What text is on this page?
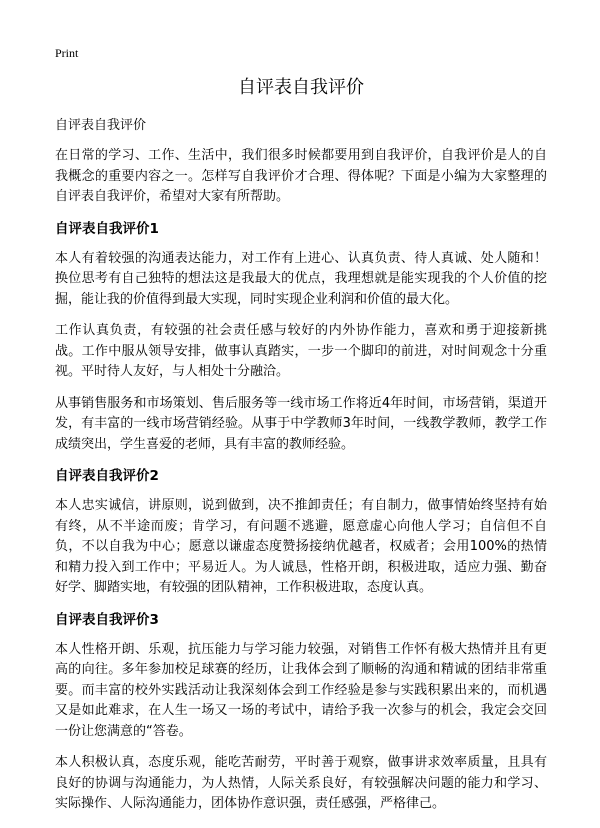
Print
自评表自我评价
自评表自我评价

在日常的学习、工作、生活中，我们很多时候都要用到自我评价，自我评价是人的自我概念的重要内容之一。怎样写自我评价才合理、得体呢？下面是小编为大家整理的自评表自我评价，希望对大家有所帮助。

自评表自我评价1

本人有着较强的沟通表达能力，对工作有上进心、认真负责、待人真诚、处人随和！换位思考有自己独特的想法这是我最大的优点，我理想就是能实现我的个人价值的挖掘，能让我的价值得到最大实现，同时实现企业利润和价值的最大化。

工作认真负责，有较强的社会责任感与较好的内外协作能力，喜欢和勇于迎接新挑战。工作中服从领导安排，做事认真踏实，一步一个脚印的前进，对时间观念十分重视。平时待人友好，与人相处十分融洽。

从事销售服务和市场策划、售后服务等一线市场工作将近4年时间，市场营销，渠道开发，有丰富的一线市场营销经验。从事于中学教师3年时间，一线教学教师，教学工作成绩突出，学生喜爱的老师，具有丰富的教师经验。

自评表自我评价2

本人忠实诚信，讲原则，说到做到，决不推卸责任；有自制力，做事情始终坚持有始有终，从不半途而废；肯学习，有问题不逃避，愿意虚心向他人学习；自信但不自负，不以自我为中心；愿意以谦虚态度赞扬接纳优越者，权威者；会用100%的热情和精力投入到工作中；平易近人。为人诚恳，性格开朗，积极进取，适应力强、勤奋好学、脚踏实地，有较强的团队精神，工作积极进取，态度认真。

自评表自我评价3

本人性格开朗、乐观，抗压能力与学习能力较强，对销售工作怀有极大热情并且有更高的向往。多年参加校足球赛的经历，让我体会到了顺畅的沟通和精诚的团结非常重要。而丰富的校外实践活动让我深刻体会到工作经验是参与实践积累出来的，而机遇又是如此难求，在人生一场又一场的考试中，请给予我一次参与的机会，我定会交回一份让您满意的“答卷。

本人积极认真，态度乐观，能吃苦耐劳，平时善于观察，做事讲求效率质量，且具有良好的协调与沟通能力，为人热情，人际关系良好，有较强解决问题的能力和学习、实际操作、人际沟通能力，团体协作意识强，责任感强，严格律己。
